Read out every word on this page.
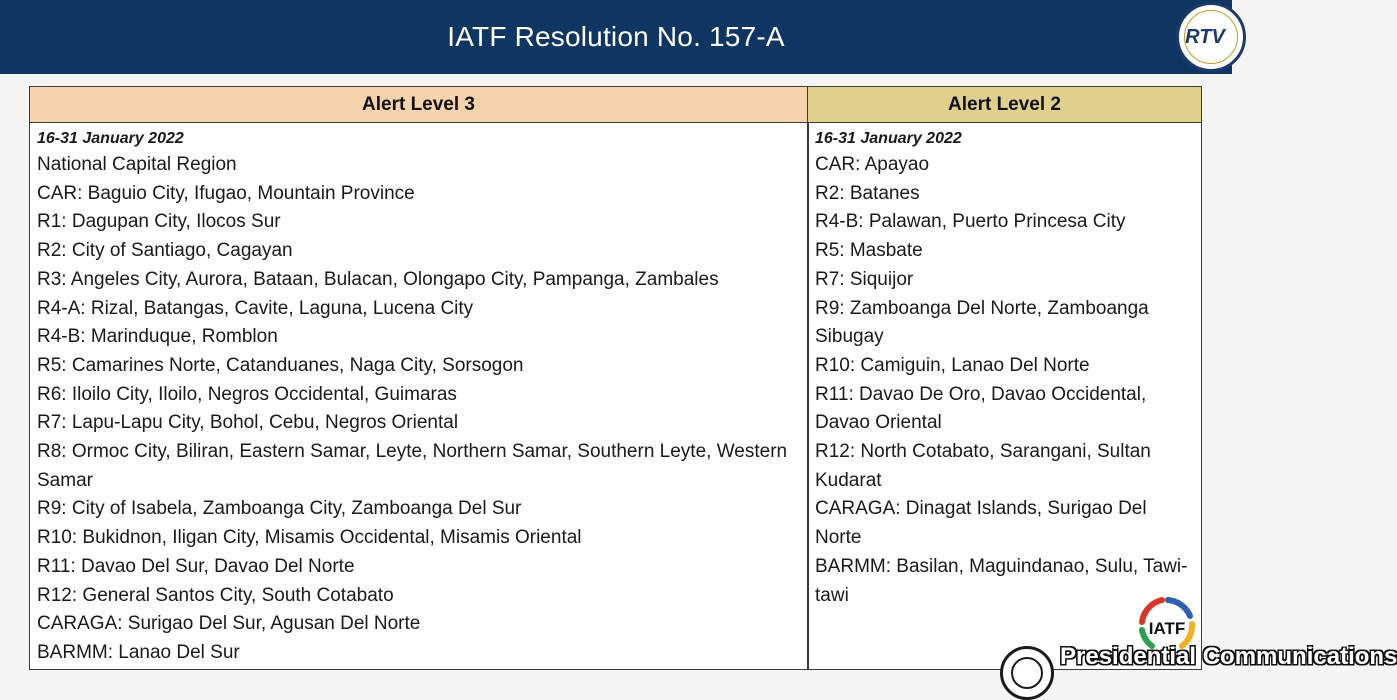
IATF Resolution No. 157-A	RTV
Alert Level 3	Alert Level 2
16-31 January 2022
National Capital Region
CAR: Baguio City, Ifugao, Mountain Province
R1: Dagupan City, Ilocos Sur
R2: City of Santiago, Cagayan
R3: Angeles City, Aurora, Bataan, Bulacan, Olongapo City, Pampanga, Zambales
R4-A: Rizal, Batangas, Cavite, Laguna, Lucena City
R4-B: Marinduque, Romblon
R5: Camarines Norte, Catanduanes, Naga City, Sorsogon
R6: Iloilo City, Iloilo, Negros Occidental, Guimaras
R7: Lapu-Lapu City, Bohol, Cebu, Negros Oriental
R8: Ormoc City, Biliran, Eastern Samar, Leyte, Northern Samar, Southern Leyte, Western Samar
R9: City of Isabela, Zamboanga City, Zamboanga Del Sur
R10: Bukidnon, Iligan City, Misamis Occidental, Misamis Oriental
R11: Davao Del Sur, Davao Del Norte
R12: General Santos City, South Cotabato
CARAGA: Surigao Del Sur, Agusan Del Norte
BARMM: Lanao Del Sur
16-31 January 2022
CAR: Apayao
R2: Batanes
R4-B: Palawan, Puerto Princesa City
R5: Masbate
R7: Siquijor
R9: Zamboanga Del Norte, Zamboanga Sibugay
R10: Camiguin, Lanao Del Norte
R11: Davao De Oro, Davao Occidental, Davao Oriental
R12: North Cotabato, Sarangani, Sultan Kudarat
CARAGA: Dinagat Islands, Surigao Del Norte
BARMM: Basilan, Maguindanao, Sulu, Tawi-tawi
IATF
Presidential Communications
